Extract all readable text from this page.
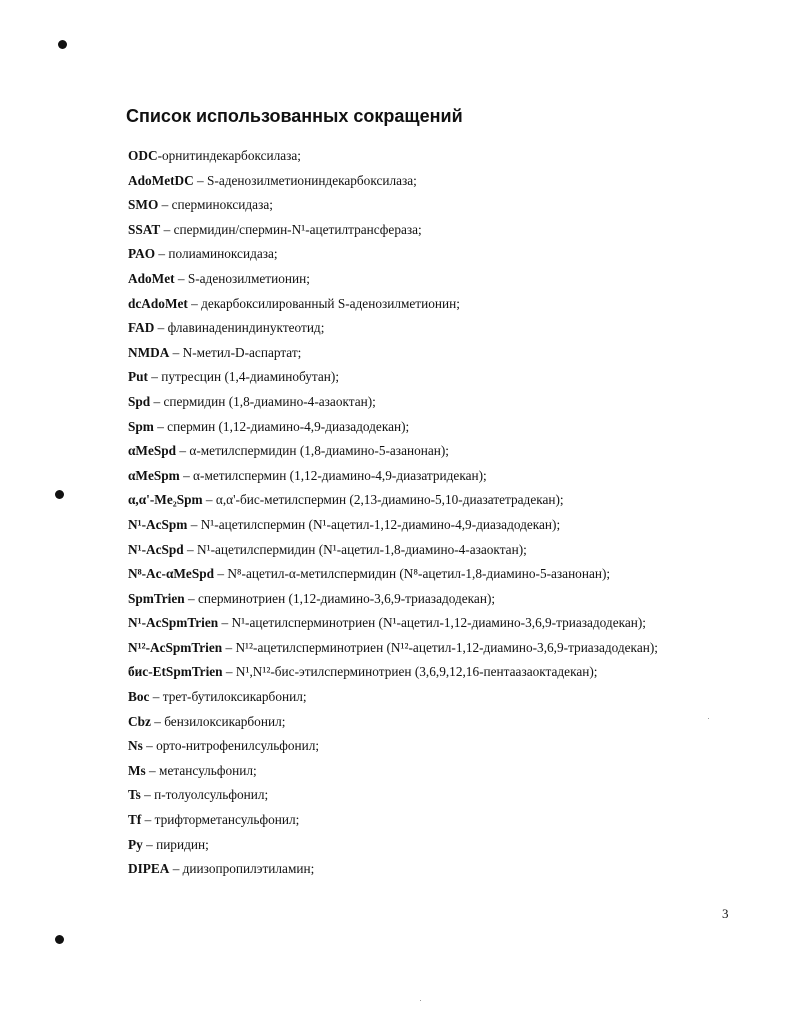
Список использованных сокращений
ODC-орнитиндекарбоксилаза;
AdoMetDC – S-аденозилметиониндекарбоксилаза;
SMO – сперминоксидаза;
SSAT – спермидин/спермин-N¹-ацетилтрансфераза;
PAO – полиаминоксидаза;
AdoMet – S-аденозилметионин;
dcAdoMet – декарбоксилированный S-аденозилметионин;
FAD – флавинадениндинуктеотид;
NMDA – N-метил-D-аспартат;
Put – путресцин (1,4-диаминобутан);
Spd – спермидин (1,8-диамино-4-азаоктан);
Spm – спермин (1,12-диамино-4,9-диазадодекан);
αMeSpd – α-метилспермидин (1,8-диамино-5-азанонан);
αMeSpm – α-метилспермин (1,12-диамино-4,9-диазатридекан);
α,α'-Me₂Spm – α,α'-бис-метилспермин (2,13-диамино-5,10-диазатетрадекан);
N¹-AcSpm – N¹-ацетилспермин (N¹-ацетил-1,12-диамино-4,9-диазадодекан);
N¹-AcSpd – N¹-ацетилспермидин (N¹-ацетил-1,8-диамино-4-азаоктан);
N⁸-Ac-αMeSpd – N⁸-ацетил-α-метилспермидин (N⁸-ацетил-1,8-диамино-5-азанонан);
SpmTrien – сперминотриен (1,12-диамино-3,6,9-триазадодекан);
N¹-AcSpmTrien – N¹-ацетилсперминотриен (N¹-ацетил-1,12-диамино-3,6,9-триазадодекан);
N¹²-AcSpmTrien – N¹²-ацетилсперминотриен (N¹²-ацетил-1,12-диамино-3,6,9-триазадодекан);
бис-EtSpmTrien – N¹,N¹²-бис-этилсперминотриен (3,6,9,12,16-пентаазаоктадекан);
Boc – трет-бутилоксикарбонил;
Cbz – бензилоксикарбонил;
Ns – орто-нитрофенилсульфонил;
Ms – метансульфонил;
Ts – п-толуолсульфонил;
Tf – трифторметансульфонил;
Py – пиридин;
DIPEA – диизопропилэтиламин;
3
